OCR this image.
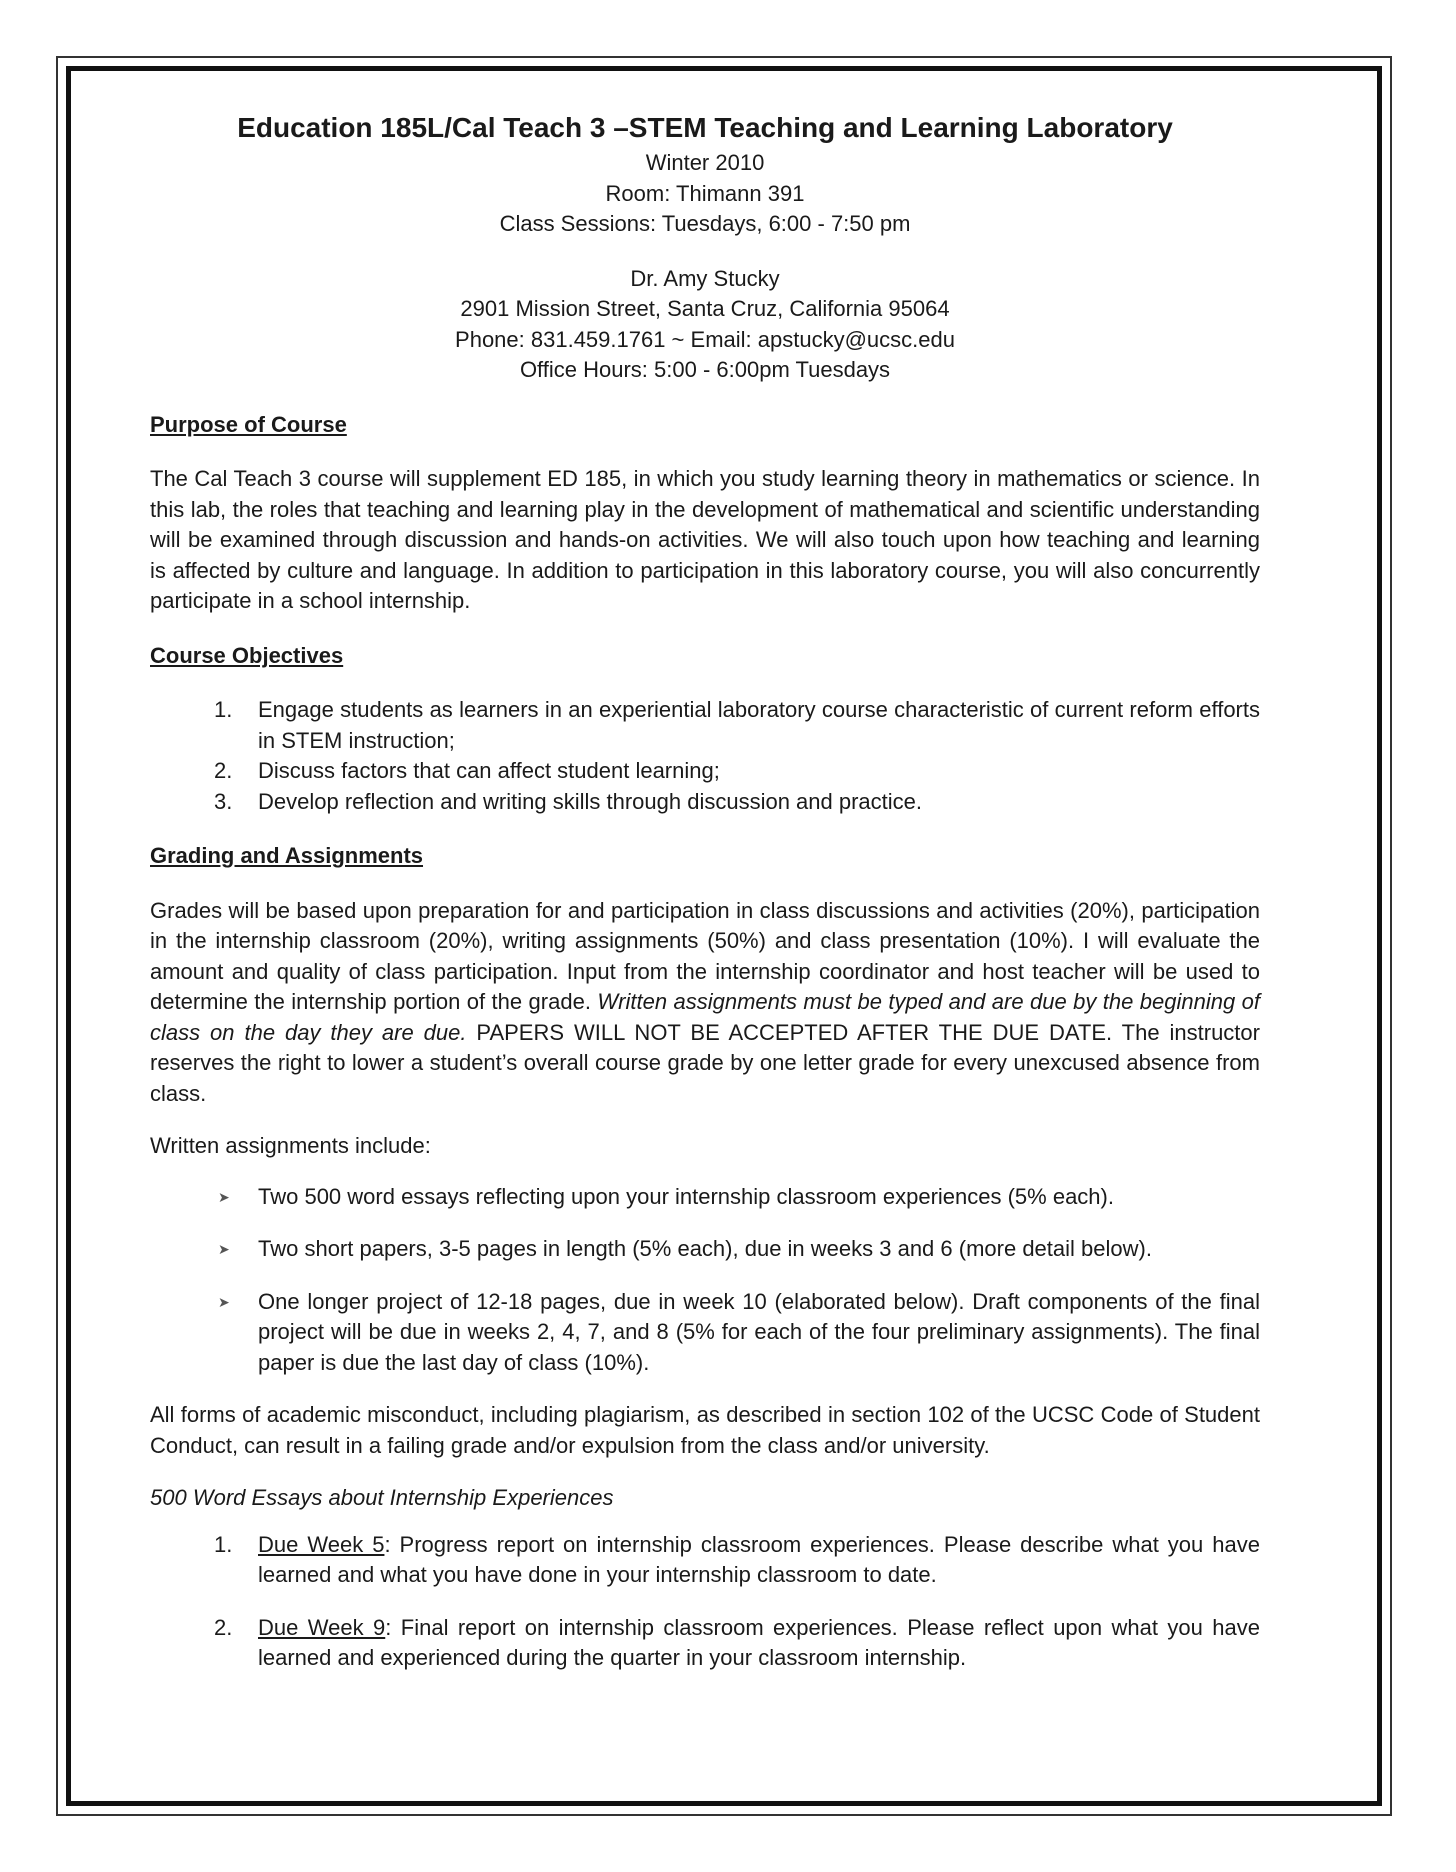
Education 185L/Cal Teach 3 –STEM Teaching and Learning Laboratory
Winter 2010
Room: Thimann 391
Class Sessions: Tuesdays, 6:00 - 7:50 pm
Dr. Amy Stucky
2901 Mission Street, Santa Cruz, California 95064
Phone: 831.459.1761 ~ Email: apstucky@ucsc.edu
Office Hours: 5:00 - 6:00pm Tuesdays
Purpose of Course

The Cal Teach 3 course will supplement ED 185, in which you study learning theory in mathematics or science. In this lab, the roles that teaching and learning play in the development of mathematical and scientific understanding will be examined through discussion and hands-on activities. We will also touch upon how teaching and learning is affected by culture and language. In addition to participation in this laboratory course, you will also concurrently participate in a school internship.

Course Objectives
1. Engage students as learners in an experiential laboratory course characteristic of current reform efforts in STEM instruction;
2. Discuss factors that can affect student learning;
3. Develop reflection and writing skills through discussion and practice.
Grading and Assignments

Grades will be based upon preparation for and participation in class discussions and activities (20%), participation in the internship classroom (20%), writing assignments (50%) and class presentation (10%). I will evaluate the amount and quality of class participation. Input from the internship coordinator and host teacher will be used to determine the internship portion of the grade. Written assignments must be typed and are due by the beginning of class on the day they are due. PAPERS WILL NOT BE ACCEPTED AFTER THE DUE DATE. The instructor reserves the right to lower a student’s overall course grade by one letter grade for every unexcused absence from class.

Written assignments include:

➤ Two 500 word essays reflecting upon your internship classroom experiences (5% each).
➤ Two short papers, 3-5 pages in length (5% each), due in weeks 3 and 6 (more detail below).
➤ One longer project of 12-18 pages, due in week 10 (elaborated below). Draft components of the final project will be due in weeks 2, 4, 7, and 8 (5% for each of the four preliminary assignments). The final paper is due the last day of class (10%).

All forms of academic misconduct, including plagiarism, as described in section 102 of the UCSC Code of Student Conduct, can result in a failing grade and/or expulsion from the class and/or university.

500 Word Essays about Internship Experiences
1. Due Week 5: Progress report on internship classroom experiences. Please describe what you have learned and what you have done in your internship classroom to date.
2. Due Week 9: Final report on internship classroom experiences. Please reflect upon what you have learned and experienced during the quarter in your classroom internship.
